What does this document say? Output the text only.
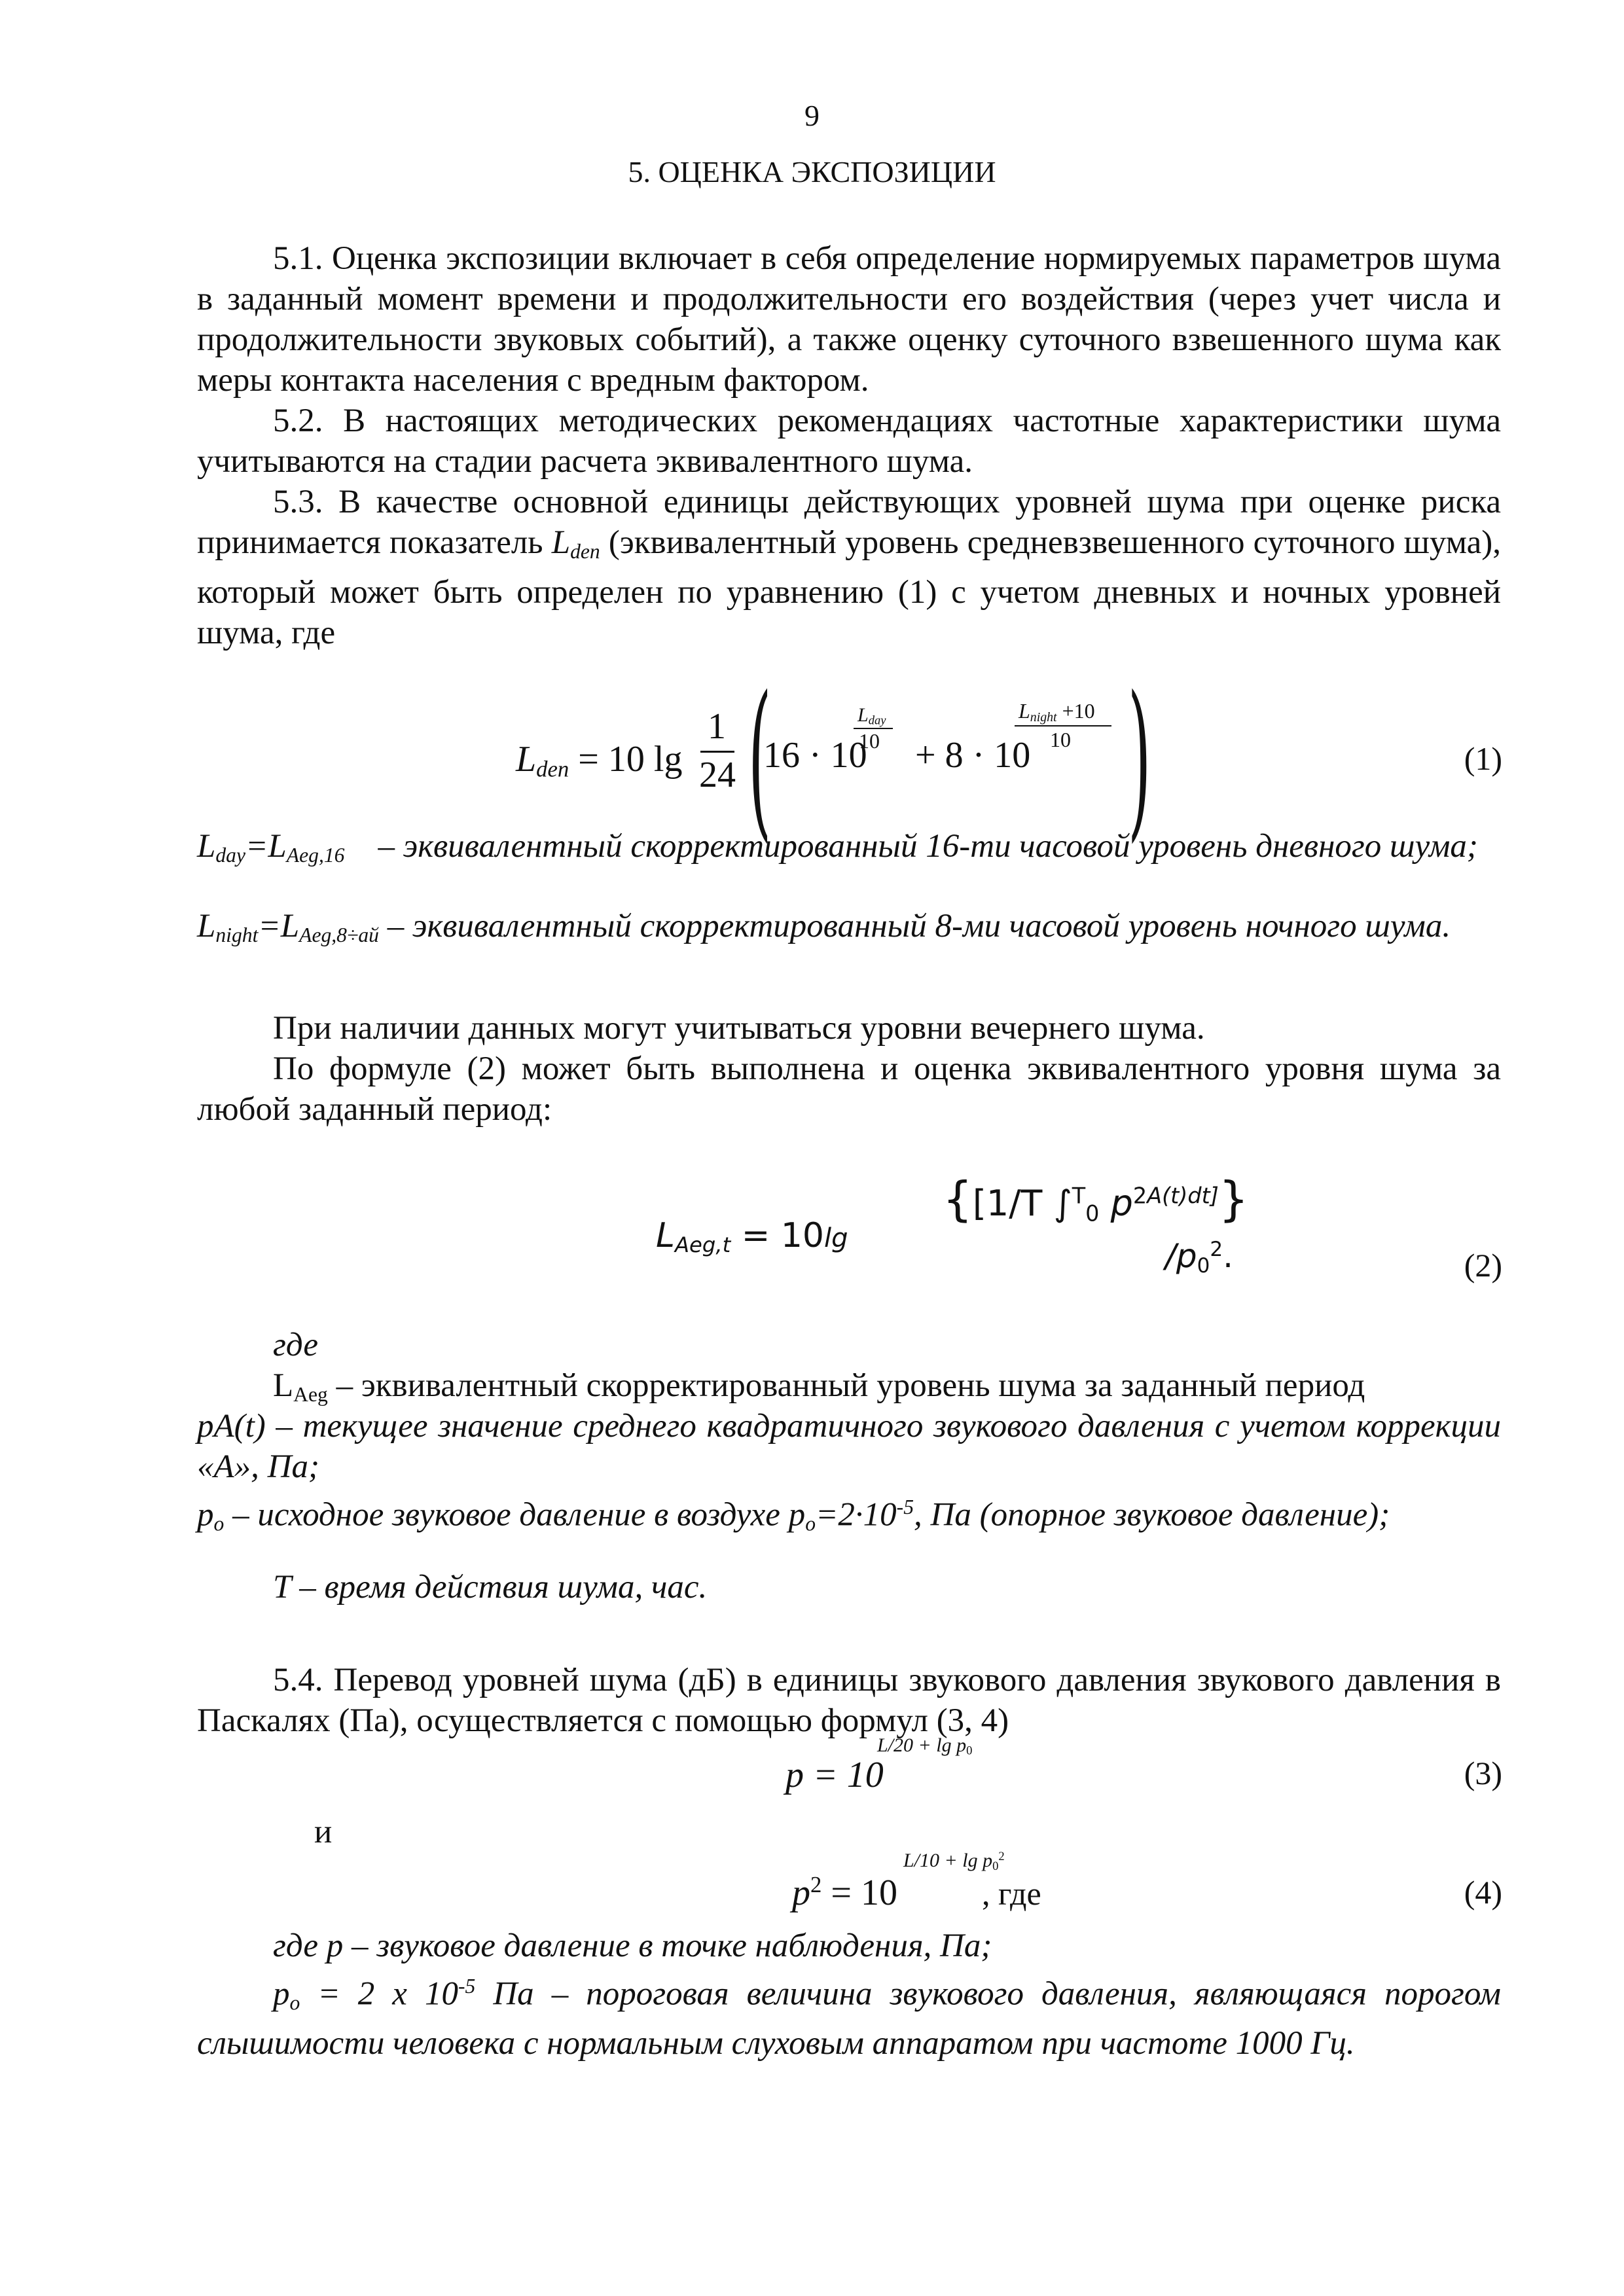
9
5. ОЦЕНКА ЭКСПОЗИЦИИ
5.1. Оценка экспозиции включает в себя определение нормируемых параметров шума в заданный момент времени и продолжительности его воздействия (через учет числа и продолжительности звуковых событий), а также оценку суточного взвешенного шума как меры контакта населения с вредным фактором.
5.2. В настоящих методических рекомендациях частотные характеристики шума учитываются на стадии расчета эквивалентного шума.
5.3. В качестве основной единицы действующих уровней шума при оценке риска принимается показатель $L_{den}$ (эквивалентный уровень средневзвешенного суточного шума), который может быть определен по уравнению (1) с учетом дневных и ночных уровней шума, где
$L_{den} = 10$ lg
1
24 (
16 · 10
$L_{day}$
10 + 8 · 10
$L_{night} +10$
10 )	(1)
$L_{day}=L_{Aeg,16}$ – эквивалентный скорректированный 16-ти часовой уровень дневного шума;
$L_{night}=L_{Aeg,8\div ай}$ – эквивалентный скорректированный 8-ми часовой уровень ночного шума.
При наличии данных могут учитываться уровни вечернего шума.
По формуле (2) может быть выполнена и оценка эквивалентного уровня шума за любой заданный период:
$L_{Aeg,t} = 10\lg$
{[1/T ∫$^T_0$ $p^{2A(t)dt]}$}
$/p_0^2$.	(2)
где
$L_{Aeg}$ – эквивалентный скорректированный уровень шума за заданный период
pA(t) – текущее значение среднего квадратичного звукового давления с учетом коррекции «А», Па;
$p_o$ – исходное звуковое давление в воздухе $p_o=2\cdot 10^{-5}$, Па (опорное звуковое давление);
T – время действия шума, час.
5.4. Перевод уровней шума (дБ) в единицы звукового давления звукового давления в Паскалях (Па), осуществляется с помощью формул (3, 4)
p = 10
$L/20 + \lg p_0$
(3)
и
$p^2 = 10$
$L/10 + \lg p_0^2$
, где	(4)
где p – звуковое давление в точке наблюдения, Па;
$p_o = 2$ x $10^{-5}$ Па – пороговая величина звукового давления, являющаяся порогом слышимости человека с нормальным слуховым аппаратом при частоте 1000 Гц.
